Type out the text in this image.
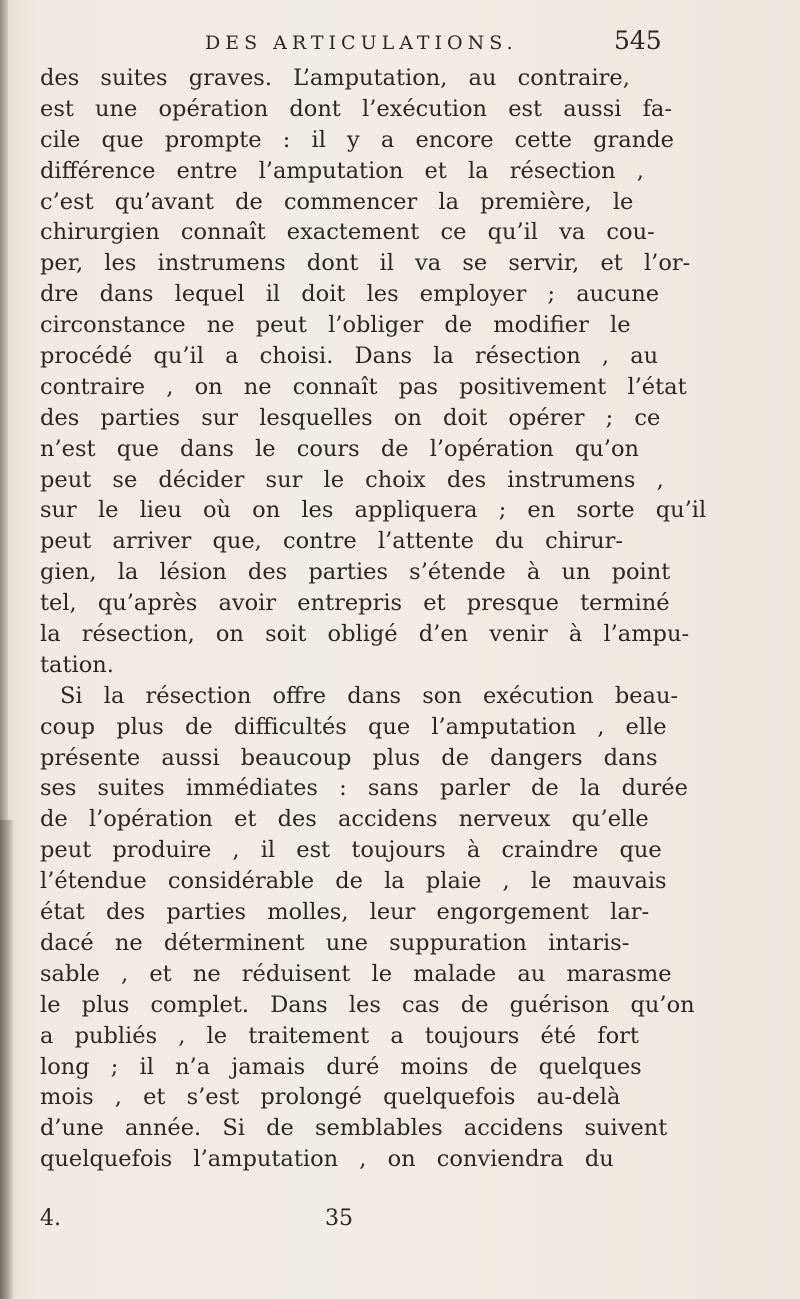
DES ARTICULATIONS.	545
des suites graves. L’amputation, au contraire,
est une opération dont l’exécution est aussi fa-
cile que prompte : il y a encore cette grande
différence entre l’amputation et la résection ,
c’est qu’avant de commencer la première, le
chirurgien connaît exactement ce qu’il va cou-
per, les instrumens dont il va se servir, et l’or-
dre dans lequel il doit les employer ; aucune
circonstance ne peut l’obliger de modifier le
procédé qu’il a choisi. Dans la résection , au
contraire , on ne connaît pas positivement l’état
des parties sur lesquelles on doit opérer ; ce
n’est que dans le cours de l’opération qu’on
peut se décider sur le choix des instrumens ,
sur le lieu où on les appliquera ; en sorte qu’il
peut arriver que, contre l’attente du chirur-
gien, la lésion des parties s’étende à un point
tel, qu’après avoir entrepris et presque terminé
la résection, on soit obligé d’en venir à l’ampu-
tation.
Si la résection offre dans son exécution beau-
coup plus de difficultés que l’amputation , elle
présente aussi beaucoup plus de dangers dans
ses suites immédiates : sans parler de la durée
de l’opération et des accidens nerveux qu’elle
peut produire , il est toujours à craindre que
l’étendue considérable de la plaie , le mauvais
état des parties molles, leur engorgement lar-
dacé ne déterminent une suppuration intaris-
sable , et ne réduisent le malade au marasme
le plus complet. Dans les cas de guérison qu’on
a publiés , le traitement a toujours été fort
long ; il n’a jamais duré moins de quelques
mois , et s’est prolongé quelquefois au-delà
d’une année. Si de semblables accidens suivent
quelquefois l’amputation , on conviendra du
4.	35
